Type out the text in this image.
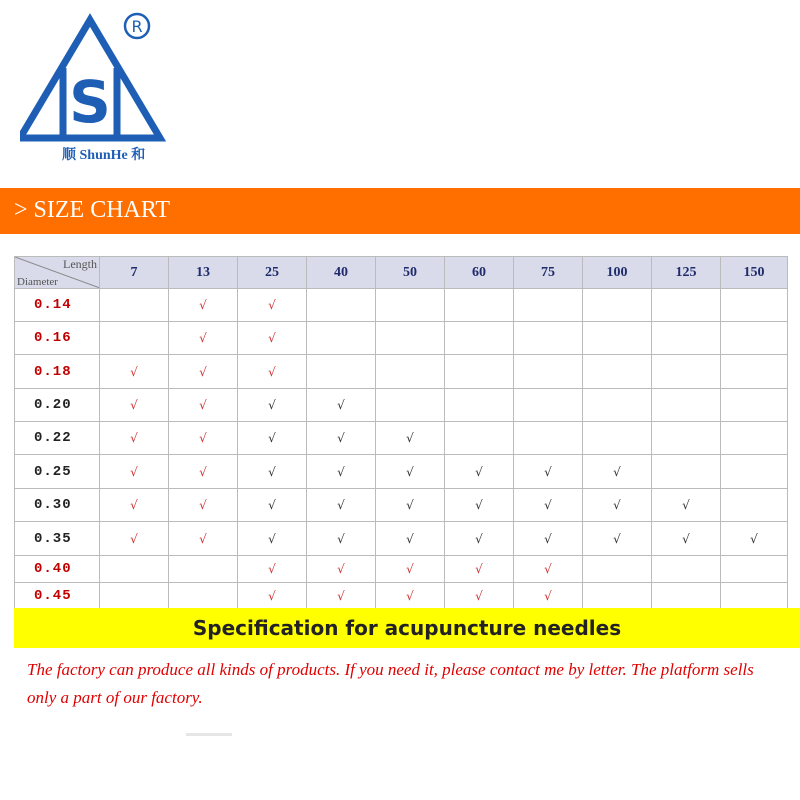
S
R
顺 ShunHe 和
> SIZE CHART
Length
Diameter	7	13	25	40	50	60	75	100	125	150
0.14		√	√							
0.16		√	√							
0.18	√	√	√							
0.20	√	√	√	√						
0.22	√	√	√	√	√					
0.25	√	√	√	√	√	√	√	√		
0.30	√	√	√	√	√	√	√	√	√	
0.35	√	√	√	√	√	√	√	√	√	√
0.40			√	√	√	√	√			
0.45			√	√	√	√	√			
Specification for acupuncture needles
The factory can produce all kinds of products. If you need it, please contact me by letter. The platform sells only a part of our factory.
